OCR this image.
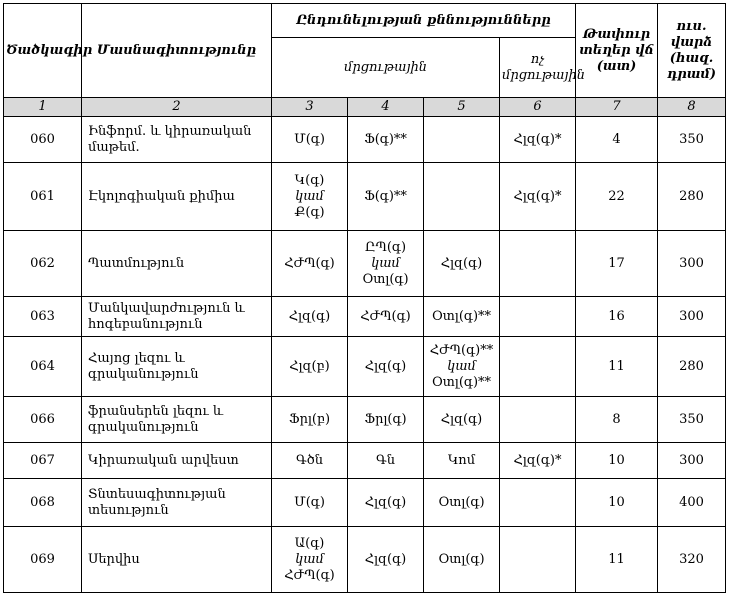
Ծածկագիր	Մասնագիտությունը	Ընդունելության քննությունները				Թափուր տեղեր վճ (ատ)	ուս. վարձ (հազ. դրամ)
		մրցութային			ոչ մրցութային		
1	2	3	4	5	6	7	8
060	Ինֆորմ. և կիրառական մաթեմ.	Մ(գ)	Ֆ(գ)**		Հլզ(գ)*	4	350
061	Էկոլոգիական քիմիա	Կ(գ)
կամ
Ք(գ)	Ֆ(գ)**		Հլզ(գ)*	22	280
062	Պատմություն	ՀԺՊ(գ)	ԸՊ(գ)
կամ
Օտլ(գ)	Հլզ(գ)		17	300
063	Մանկավարժություն և հոգեբանություն	Հլզ(գ)	ՀԺՊ(գ)	Օտլ(գ)**		16	300
064	Հայոց լեզու և գրականություն	Հլզ(բ)	Հլզ(գ)	ՀԺՊ(գ)**
կամ
Օտլ(գ)**		11	280
066	ֆրանսերեն լեզու և գրականություն	Ֆրլ(բ)	Ֆրլ(գ)	Հլզ(գ)		8	350
067	Կիրառական արվեստ	Գծն	Գն	Կոմ	Հլզ(գ)*	10	300
068	Տնտեսագիտության տեսություն	Մ(գ)	Հլզ(գ)	Օտլ(գ)		10	400
069	Սերվիս	Ա(գ)
կամ
ՀԺՊ(գ)	Հլզ(գ)	Օտլ(գ)		11	320
